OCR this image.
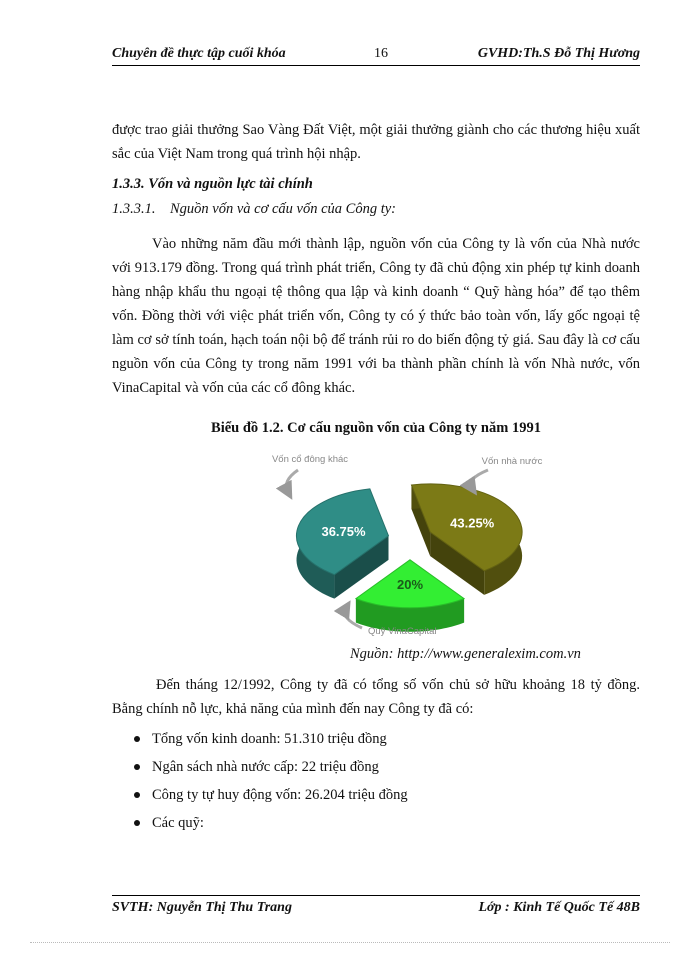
Chuyên đề thực tập cuối khóa	16	GVHD:Th.S Đỗ Thị Hương
được trao giải thưởng Sao Vàng Đất Việt, một giải thưởng giành cho các thương hiệu xuất sắc của Việt Nam trong quá trình hội nhập.
1.3.3. Vốn và nguồn lực tài chính
1.3.3.1. Nguồn vốn và cơ cấu vốn của Công ty:
Vào những năm đầu mới thành lập, nguồn vốn của Công ty là vốn của Nhà nước với 913.179 đồng. Trong quá trình phát triển, Công ty đã chủ động xin phép tự kinh doanh hàng nhập khẩu thu ngoại tệ thông qua lập và kinh doanh “ Quỹ hàng hóa” để tạo thêm vốn. Đồng thời với việc phát triển vốn, Công ty có ý thức bảo toàn vốn, lấy gốc ngoại tệ làm cơ sở tính toán, hạch toán nội bộ để tránh rủi ro do biến động tỷ giá. Sau đây là cơ cấu nguồn vốn của Công ty trong năm 1991 với ba thành phần chính là vốn Nhà nước, vốn VinaCapital và vốn của các cổ đông khác.
Biểu đồ 1.2. Cơ cấu nguồn vốn của Công ty năm 1991
36.75%
43.25%
20%
Vốn cổ đông khác	Vốn nhà nước
Quỹ VinaCapital
Nguồn: http://www.generalexim.com.vn
Đến tháng 12/1992, Công ty đã có tổng số vốn chủ sở hữu khoảng 18 tỷ đồng. Bằng chính nỗ lực, khả năng của mình đến nay Công ty đã có:
Tổng vốn kinh doanh: 51.310 triệu đồng
Ngân sách nhà nước cấp: 22 triệu đồng
Công ty tự huy động vốn: 26.204 triệu đồng
Các quỹ:
SVTH: Nguyễn Thị Thu Trang	Lớp : Kinh Tế Quốc Tế 48B
